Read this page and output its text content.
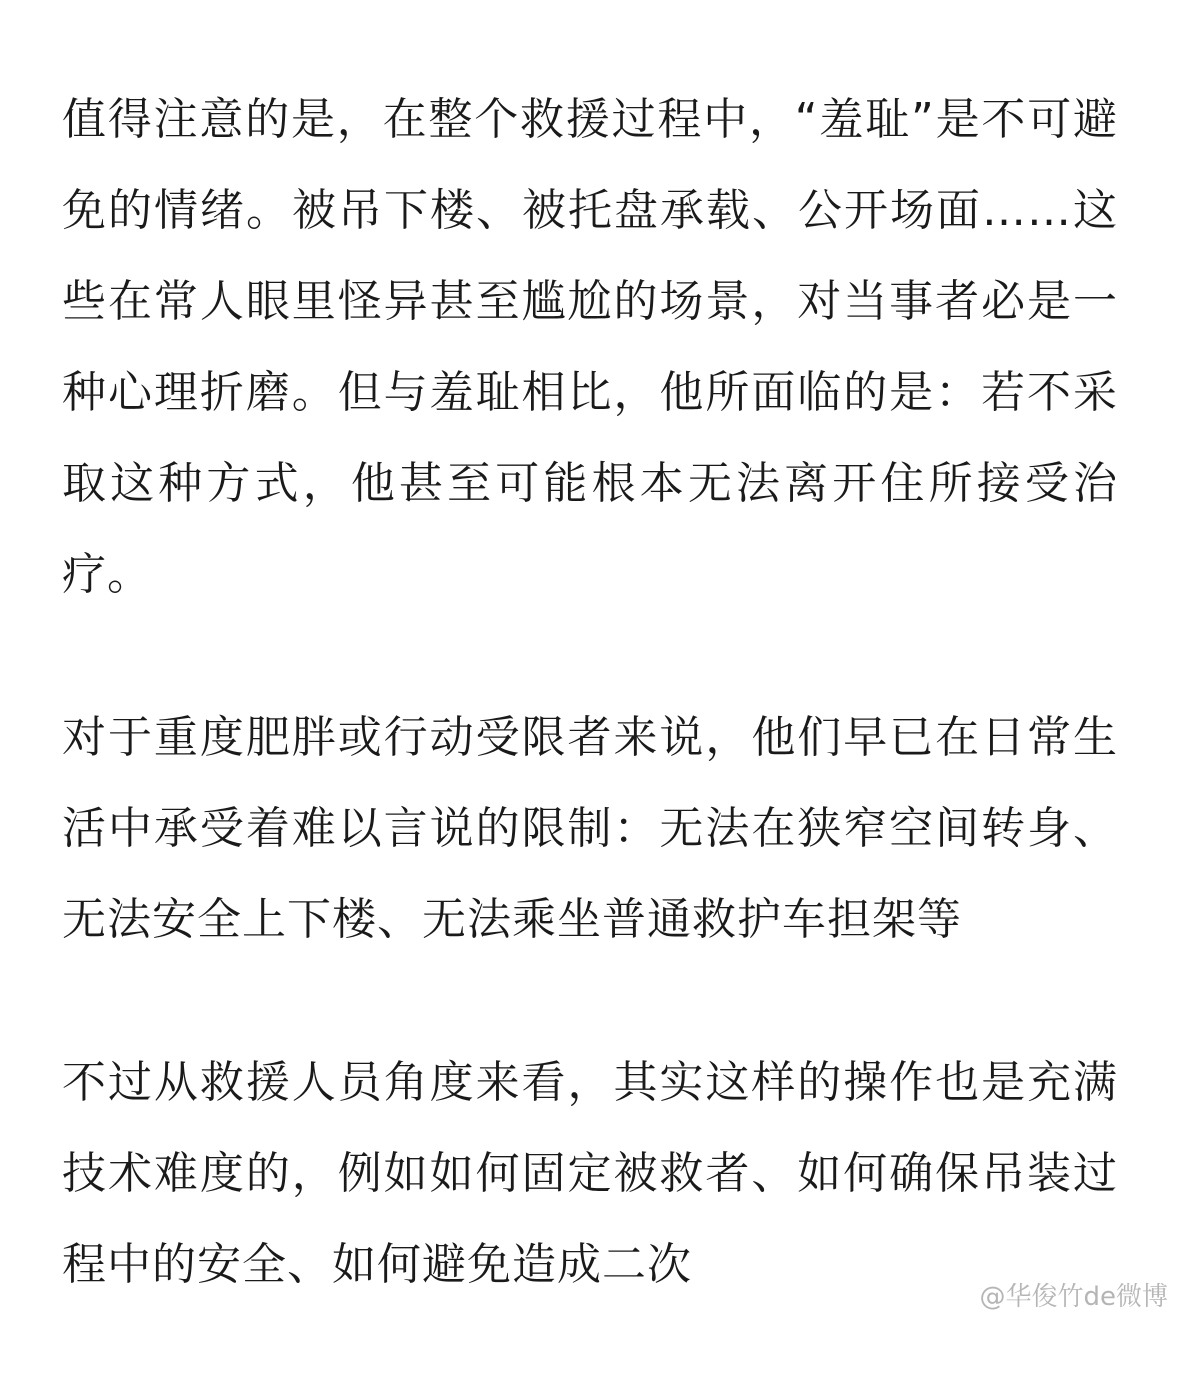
值得注意的是，在整个救援过程中，“羞耻”是不可避免的情绪。被吊下楼、被托盘承载、公开场面……这些在常人眼里怪异甚至尴尬的场景，对当事者必是一种心理折磨。但与羞耻相比，他所面临的是：若不采取这种方式，他甚至可能根本无法离开住所接受治疗。

对于重度肥胖或行动受限者来说，他们早已在日常生活中承受着难以言说的限制：无法在狭窄空间转身、无法安全上下楼、无法乘坐普通救护车担架等

不过从救援人员角度来看，其实这样的操作也是充满技术难度的，例如如何固定被救者、如何确保吊装过程中的安全、如何避免造成二次

@华俊竹de微博
